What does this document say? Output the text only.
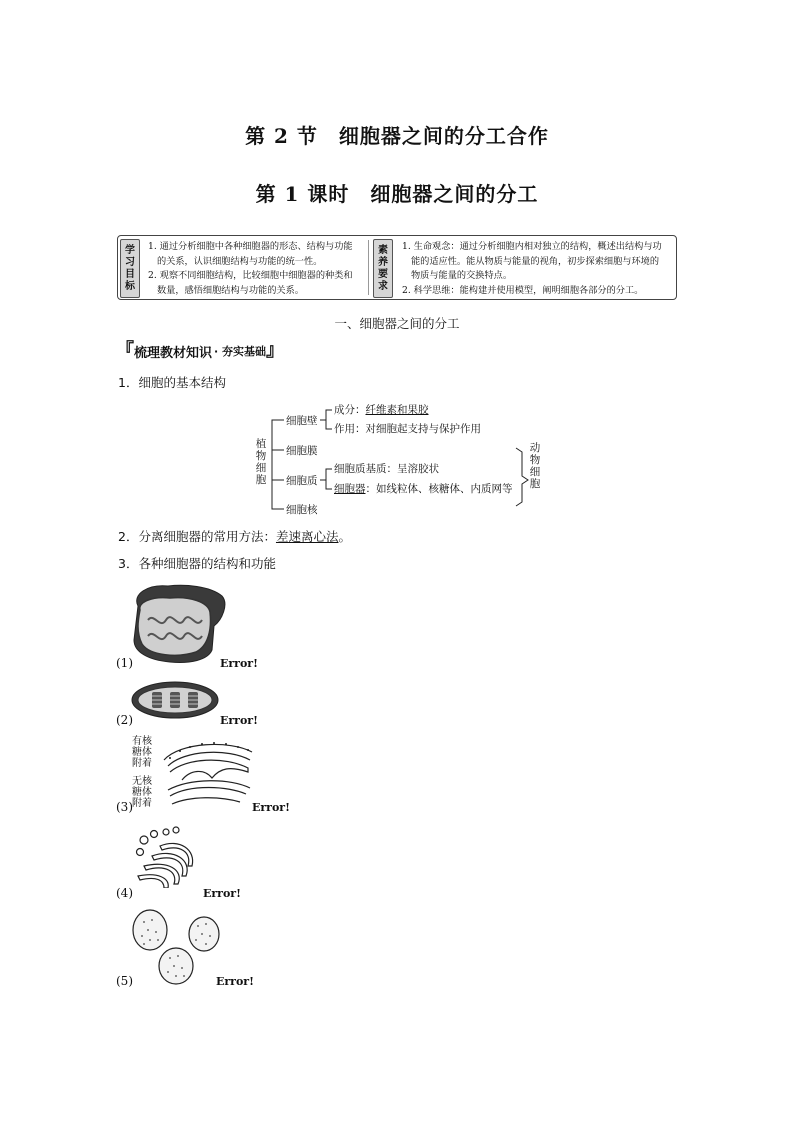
第 2 节　细胞器之间的分工合作
第 1 课时　细胞器之间的分工
学
习
目
标
1. 通过分析细胞中各种细胞器的形态、结构与功能的关系，认识细胞结构与功能的统一性。
2. 观察不同细胞结构，比较细胞中细胞器的种类和数量，感悟细胞结构与功能的关系。
素
养
要
求
1. 生命观念：通过分析细胞内相对独立的结构，概述出结构与功能的适应性。能从物质与能量的视角，初步探索细胞与环境的物质与能量的交换特点。
2. 科学思维：能构建并使用模型，阐明细胞各部分的分工。
一、细胞器之间的分工
『 梳理教材知识 · 夯实基础 』
1．细胞的基本结构
植
物
细
胞
细胞壁
成分：纤维素和果胶
作用：对细胞起支持与保护作用
细胞膜
细胞质
细胞质基质：呈溶胶状
细胞器：如线粒体、核糖体、内质网等
细胞核
动
物
细
胞
2．分离细胞器的常用方法：差速离心法。
3．各种细胞器的结构和功能
(1)	Error!
(2)	Error!
有核
糖体
附着
无核
糖体
附着
(3)	Error!
(4)	Error!
(5)	Error!
